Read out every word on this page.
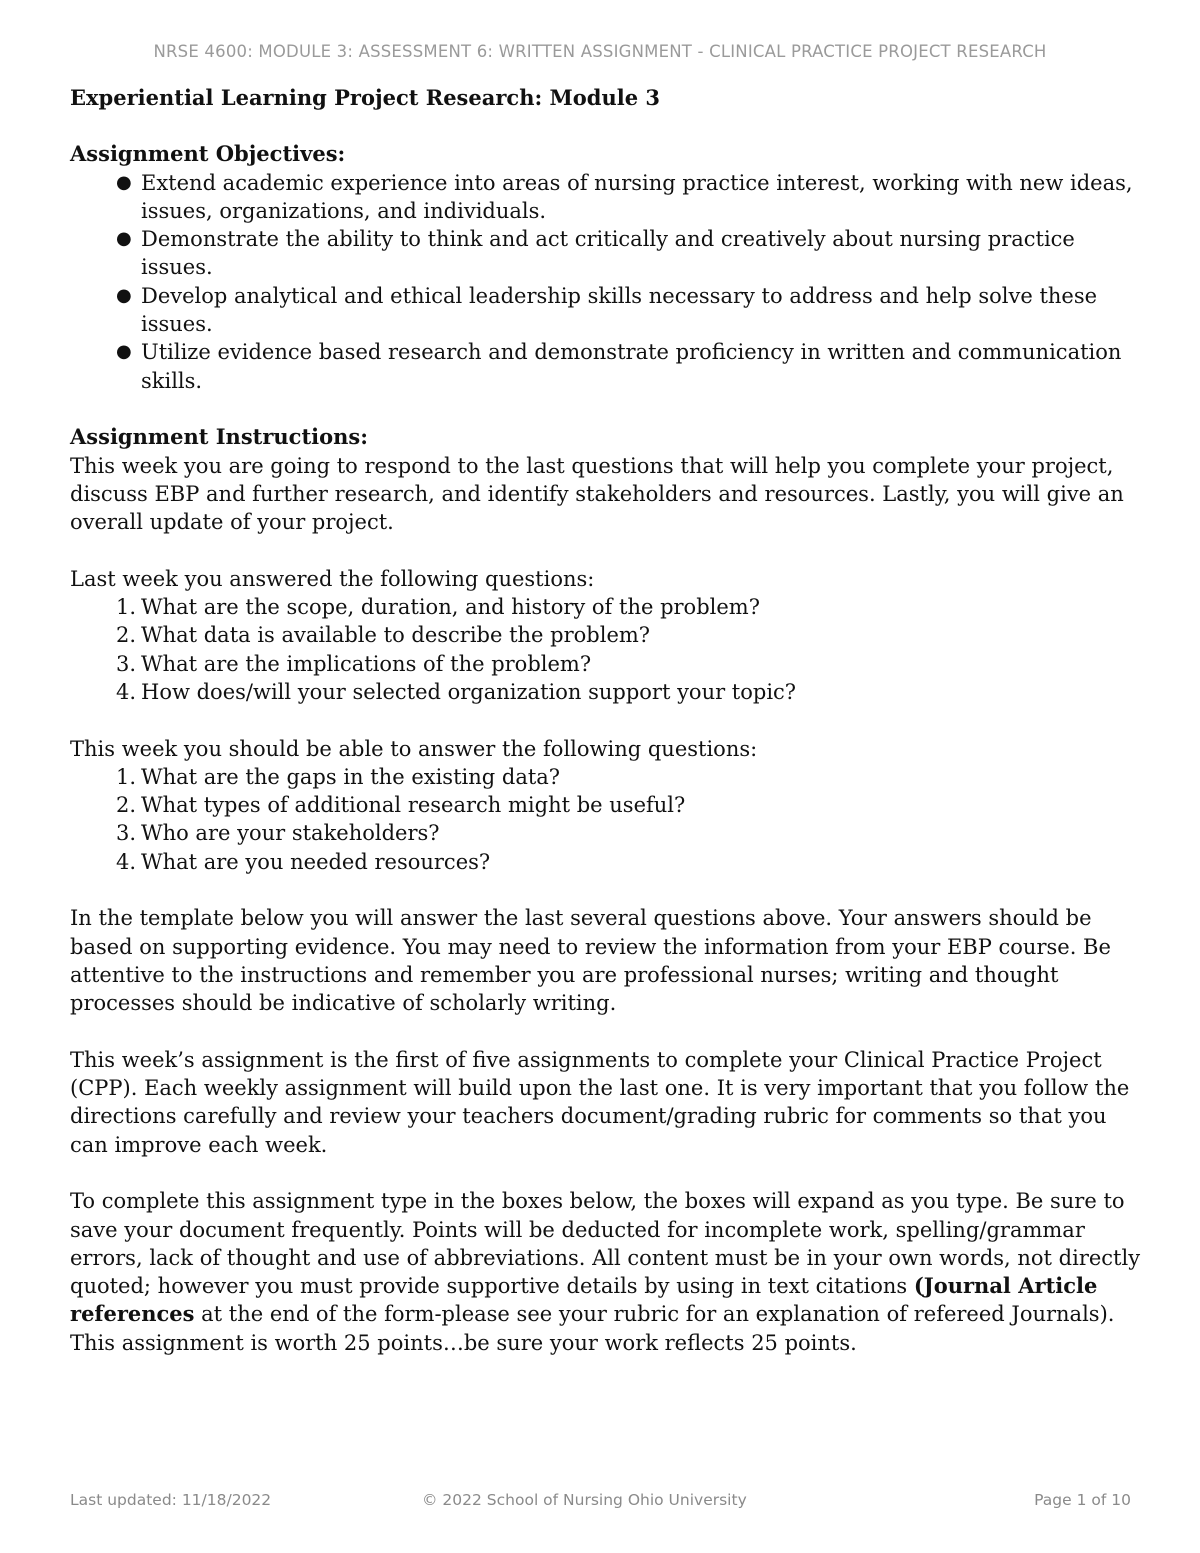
NRSE 4600: MODULE 3: ASSESSMENT 6: WRITTEN ASSIGNMENT - CLINICAL PRACTICE PROJECT RESEARCH

Experiential Learning Project Research: Module 3

Assignment Objectives:

● Extend academic experience into areas of nursing practice interest, working with new ideas, issues, organizations, and individuals.
● Demonstrate the ability to think and act critically and creatively about nursing practice issues.
● Develop analytical and ethical leadership skills necessary to address and help solve these issues.
● Utilize evidence based research and demonstrate proficiency in written and communication skills.

Assignment Instructions:

This week you are going to respond to the last questions that will help you complete your project, discuss EBP and further research, and identify stakeholders and resources. Lastly, you will give an overall update of your project.

Last week you answered the following questions:

1. What are the scope, duration, and history of the problem?
2. What data is available to describe the problem?
3. What are the implications of the problem?
4. How does/will your selected organization support your topic?

This week you should be able to answer the following questions:

1. What are the gaps in the existing data?
2. What types of additional research might be useful?
3. Who are your stakeholders?
4. What are you needed resources?

In the template below you will answer the last several questions above. Your answers should be based on supporting evidence. You may need to review the information from your EBP course. Be attentive to the instructions and remember you are professional nurses; writing and thought processes should be indicative of scholarly writing.

This week’s assignment is the first of five assignments to complete your Clinical Practice Project (CPP). Each weekly assignment will build upon the last one. It is very important that you follow the directions carefully and review your teachers document/grading rubric for comments so that you can improve each week.

To complete this assignment type in the boxes below, the boxes will expand as you type. Be sure to save your document frequently. Points will be deducted for incomplete work, spelling/grammar errors, lack of thought and use of abbreviations. All content must be in your own words, not directly quoted; however you must provide supportive details by using in text citations (Journal Article references at the end of the form-please see your rubric for an explanation of refereed Journals). This assignment is worth 25 points…be sure your work reflects 25 points.

Last updated: 11/18/2022	© 2022 School of Nursing Ohio University	Page 1 of 10
